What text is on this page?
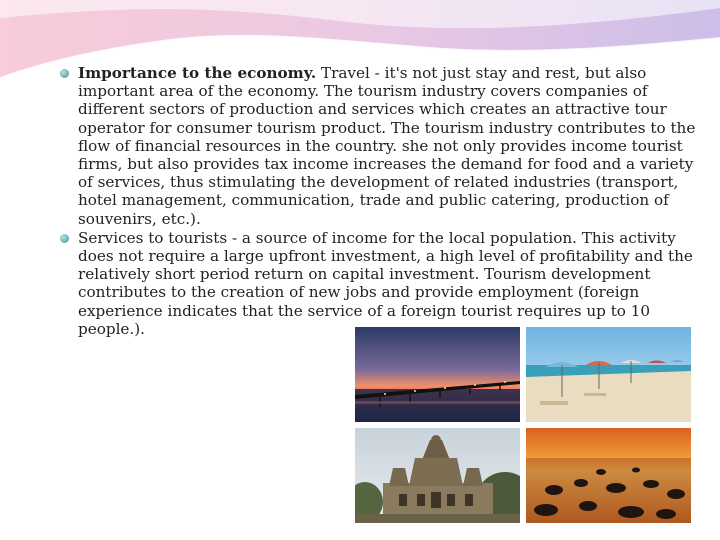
Importance to the economy. Travel - it's not just stay and rest, but also important area of the economy. The tourism industry covers companies of different sectors of production and services which creates an attractive tour operator for consumer tourism product. The tourism industry contributes to the flow of financial resources in the country. she not only provides income tourist firms, but also provides tax income increases the demand for food and a variety of services, thus stimulating the development of related industries (transport, hotel management, communication, trade and public catering, production of souvenirs, etc.).
Services to tourists - a source of income for the local population. This activity does not require a large upfront investment, a high level of profitability and the relatively short period return on capital investment. Tourism development contributes to the creation of new jobs and provide employment (foreign experience indicates that the service of a foreign tourist requires up to 10 people.).
